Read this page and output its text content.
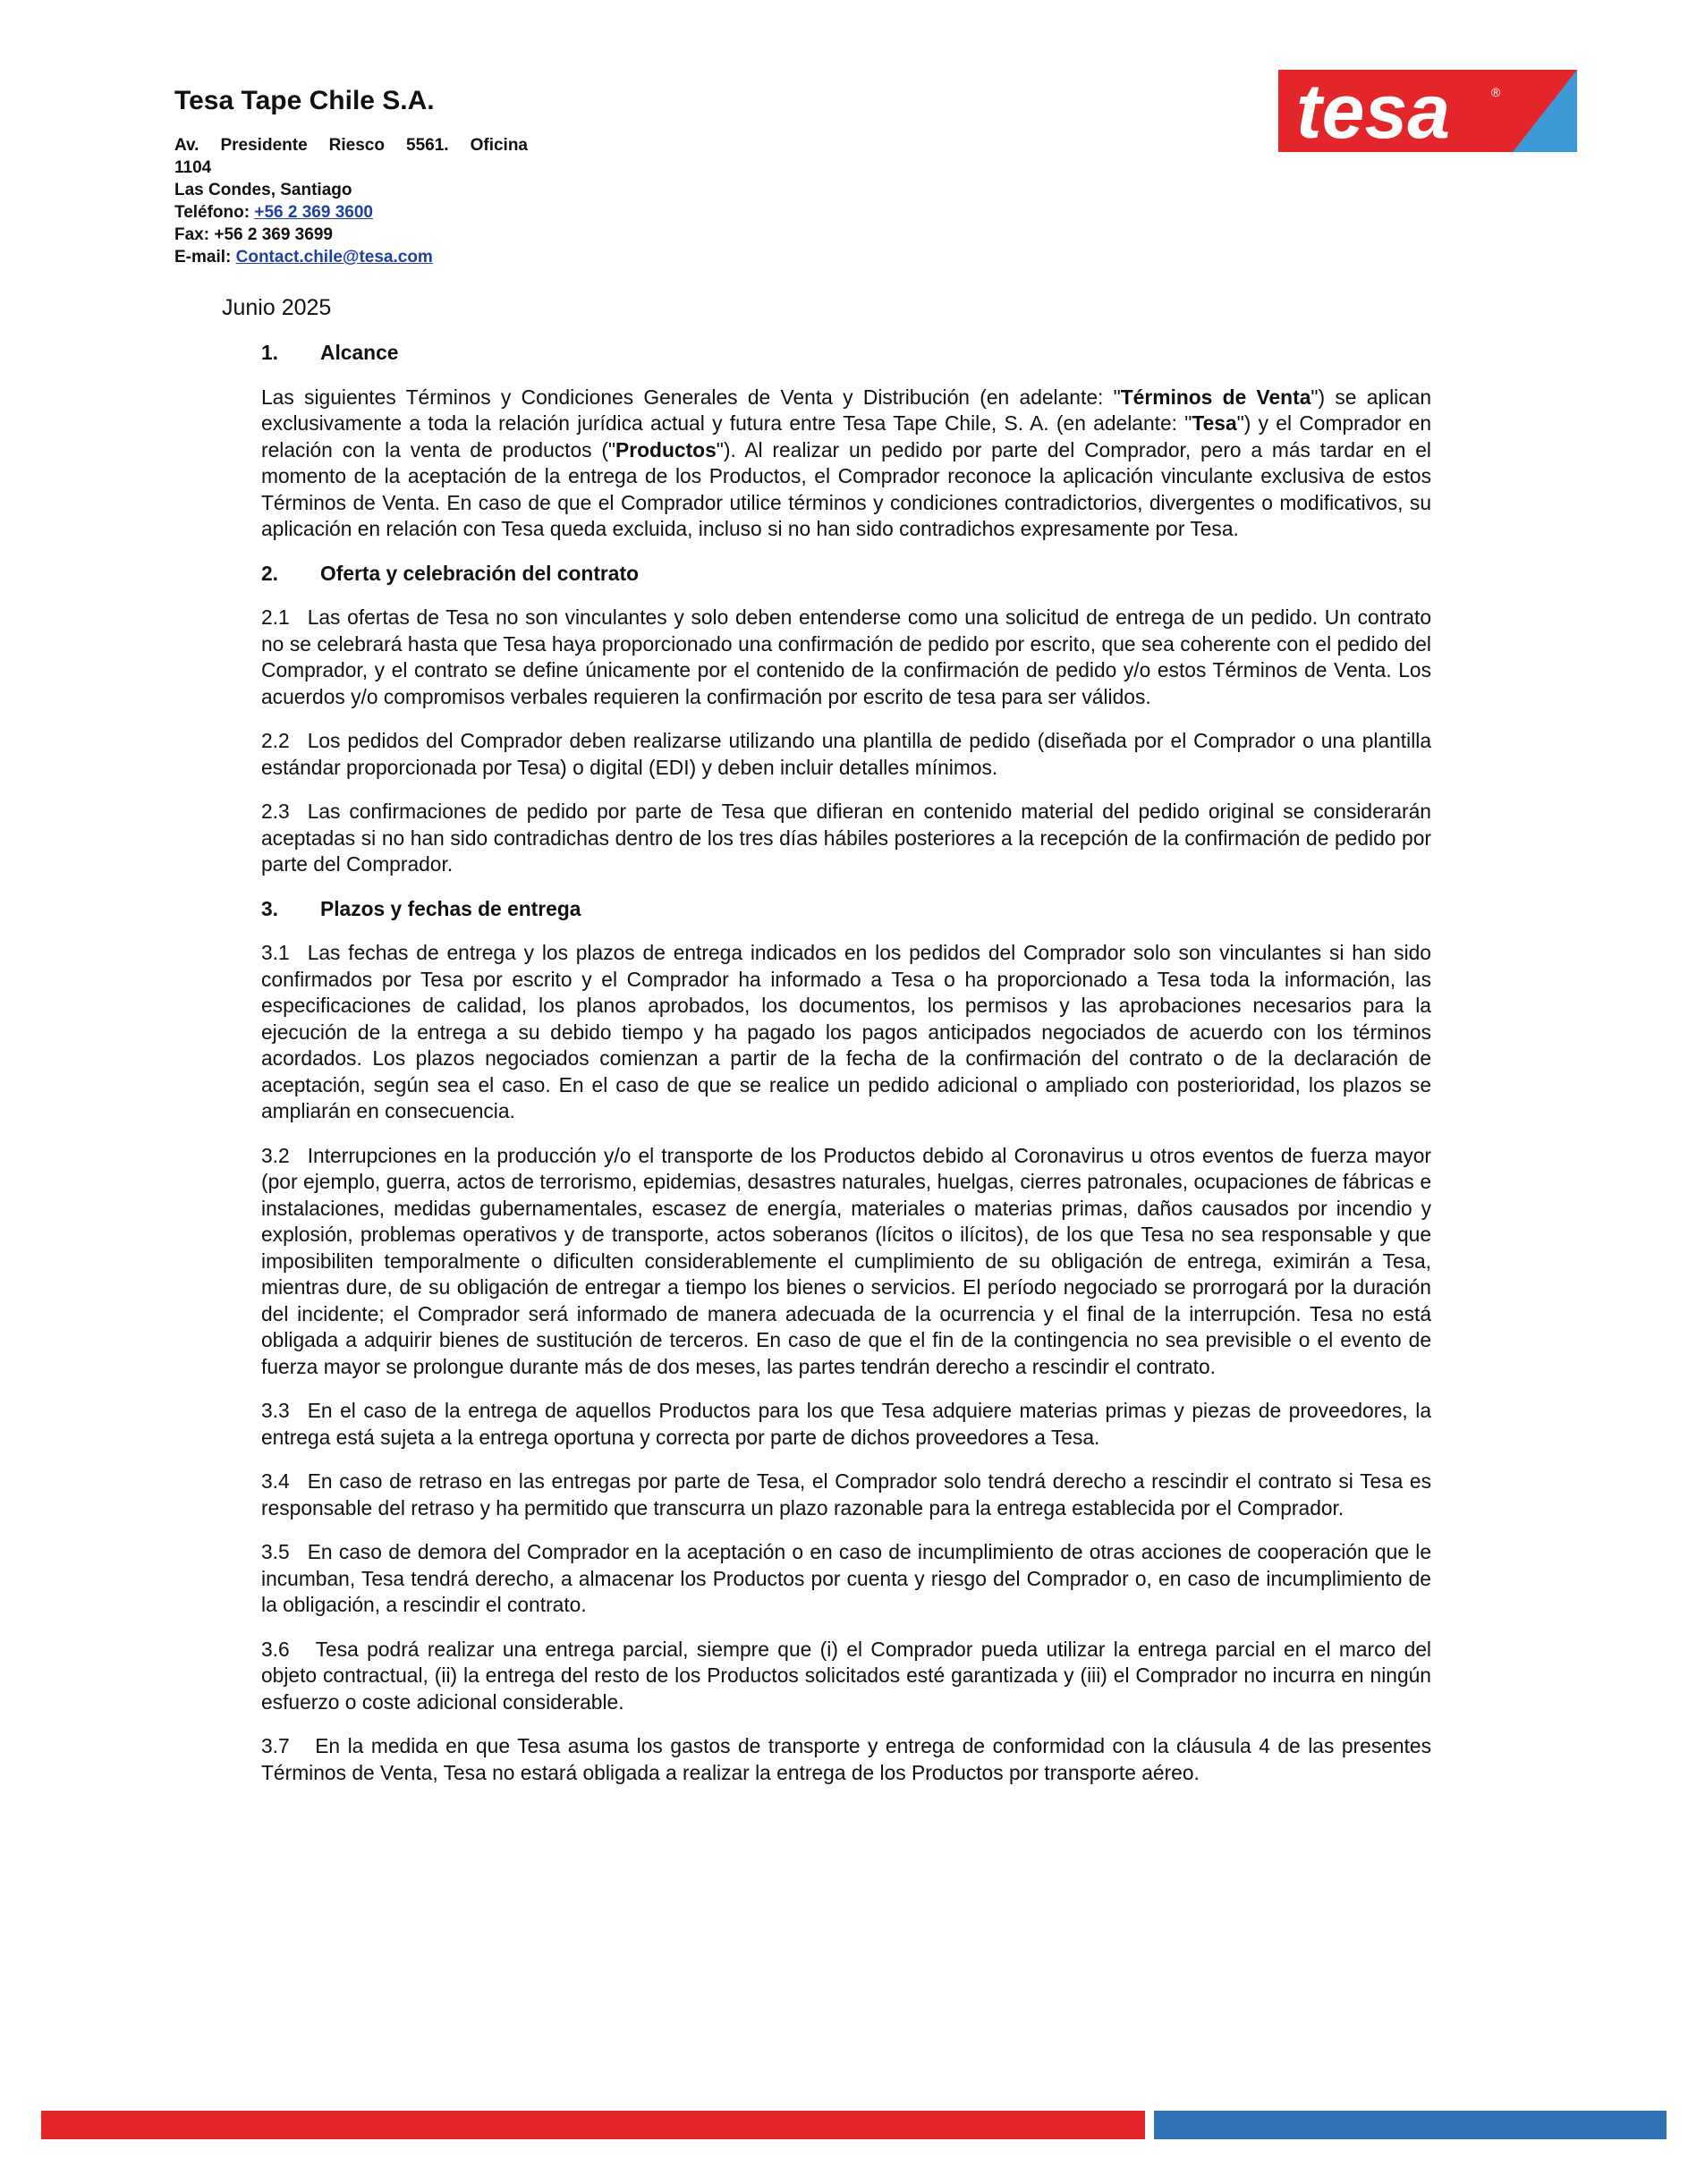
Tesa Tape Chile S.A.
Av. Presidente Riesco 5561. Oficina
1104
Las Condes, Santiago
Teléfono: +56 2 369 3600
Fax: +56 2 369 3699
E-mail: Contact.chile@tesa.com
tesa	®
Junio 2025
1. Alcance

Las siguientes Términos y Condiciones Generales de Venta y Distribución (en adelante: "Términos de Venta") se aplican exclusivamente a toda la relación jurídica actual y futura entre Tesa Tape Chile, S. A. (en adelante: "Tesa") y el Comprador en relación con la venta de productos ("Productos"). Al realizar un pedido por parte del Comprador, pero a más tardar en el momento de la aceptación de la entrega de los Productos, el Comprador reconoce la aplicación vinculante exclusiva de estos Términos de Venta. En caso de que el Comprador utilice términos y condiciones contradictorios, divergentes o modificativos, su aplicación en relación con Tesa queda excluida, incluso si no han sido contradichos expresamente por Tesa.

2. Oferta y celebración del contrato

2.1 Las ofertas de Tesa no son vinculantes y solo deben entenderse como una solicitud de entrega de un pedido. Un contrato no se celebrará hasta que Tesa haya proporcionado una confirmación de pedido por escrito, que sea coherente con el pedido del Comprador, y el contrato se define únicamente por el contenido de la confirmación de pedido y/o estos Términos de Venta. Los acuerdos y/o compromisos verbales requieren la confirmación por escrito de tesa para ser válidos.

2.2 Los pedidos del Comprador deben realizarse utilizando una plantilla de pedido (diseñada por el Comprador o una plantilla estándar proporcionada por Tesa) o digital (EDI) y deben incluir detalles mínimos.

2.3 Las confirmaciones de pedido por parte de Tesa que difieran en contenido material del pedido original se considerarán aceptadas si no han sido contradichas dentro de los tres días hábiles posteriores a la recepción de la confirmación de pedido por parte del Comprador.

3. Plazos y fechas de entrega

3.1 Las fechas de entrega y los plazos de entrega indicados en los pedidos del Comprador solo son vinculantes si han sido confirmados por Tesa por escrito y el Comprador ha informado a Tesa o ha proporcionado a Tesa toda la información, las especificaciones de calidad, los planos aprobados, los documentos, los permisos y las aprobaciones necesarios para la ejecución de la entrega a su debido tiempo y ha pagado los pagos anticipados negociados de acuerdo con los términos acordados. Los plazos negociados comienzan a partir de la fecha de la confirmación del contrato o de la declaración de aceptación, según sea el caso. En el caso de que se realice un pedido adicional o ampliado con posterioridad, los plazos se ampliarán en consecuencia.

3.2 Interrupciones en la producción y/o el transporte de los Productos debido al Coronavirus u otros eventos de fuerza mayor (por ejemplo, guerra, actos de terrorismo, epidemias, desastres naturales, huelgas, cierres patronales, ocupaciones de fábricas e instalaciones, medidas gubernamentales, escasez de energía, materiales o materias primas, daños causados por incendio y explosión, problemas operativos y de transporte, actos soberanos (lícitos o ilícitos), de los que Tesa no sea responsable y que imposibiliten temporalmente o dificulten considerablemente el cumplimiento de su obligación de entrega, eximirán a Tesa, mientras dure, de su obligación de entregar a tiempo los bienes o servicios. El período negociado se prorrogará por la duración del incidente; el Comprador será informado de manera adecuada de la ocurrencia y el final de la interrupción. Tesa no está obligada a adquirir bienes de sustitución de terceros. En caso de que el fin de la contingencia no sea previsible o el evento de fuerza mayor se prolongue durante más de dos meses, las partes tendrán derecho a rescindir el contrato.

3.3 En el caso de la entrega de aquellos Productos para los que Tesa adquiere materias primas y piezas de proveedores, la entrega está sujeta a la entrega oportuna y correcta por parte de dichos proveedores a Tesa.

3.4 En caso de retraso en las entregas por parte de Tesa, el Comprador solo tendrá derecho a rescindir el contrato si Tesa es responsable del retraso y ha permitido que transcurra un plazo razonable para la entrega establecida por el Comprador.

3.5 En caso de demora del Comprador en la aceptación o en caso de incumplimiento de otras acciones de cooperación que le incumban, Tesa tendrá derecho, a almacenar los Productos por cuenta y riesgo del Comprador o, en caso de incumplimiento de la obligación, a rescindir el contrato.

3.6 Tesa podrá realizar una entrega parcial, siempre que (i) el Comprador pueda utilizar la entrega parcial en el marco del objeto contractual, (ii) la entrega del resto de los Productos solicitados esté garantizada y (iii) el Comprador no incurra en ningún esfuerzo o coste adicional considerable.

3.7 En la medida en que Tesa asuma los gastos de transporte y entrega de conformidad con la cláusula 4 de las presentes Términos de Venta, Tesa no estará obligada a realizar la entrega de los Productos por transporte aéreo.
